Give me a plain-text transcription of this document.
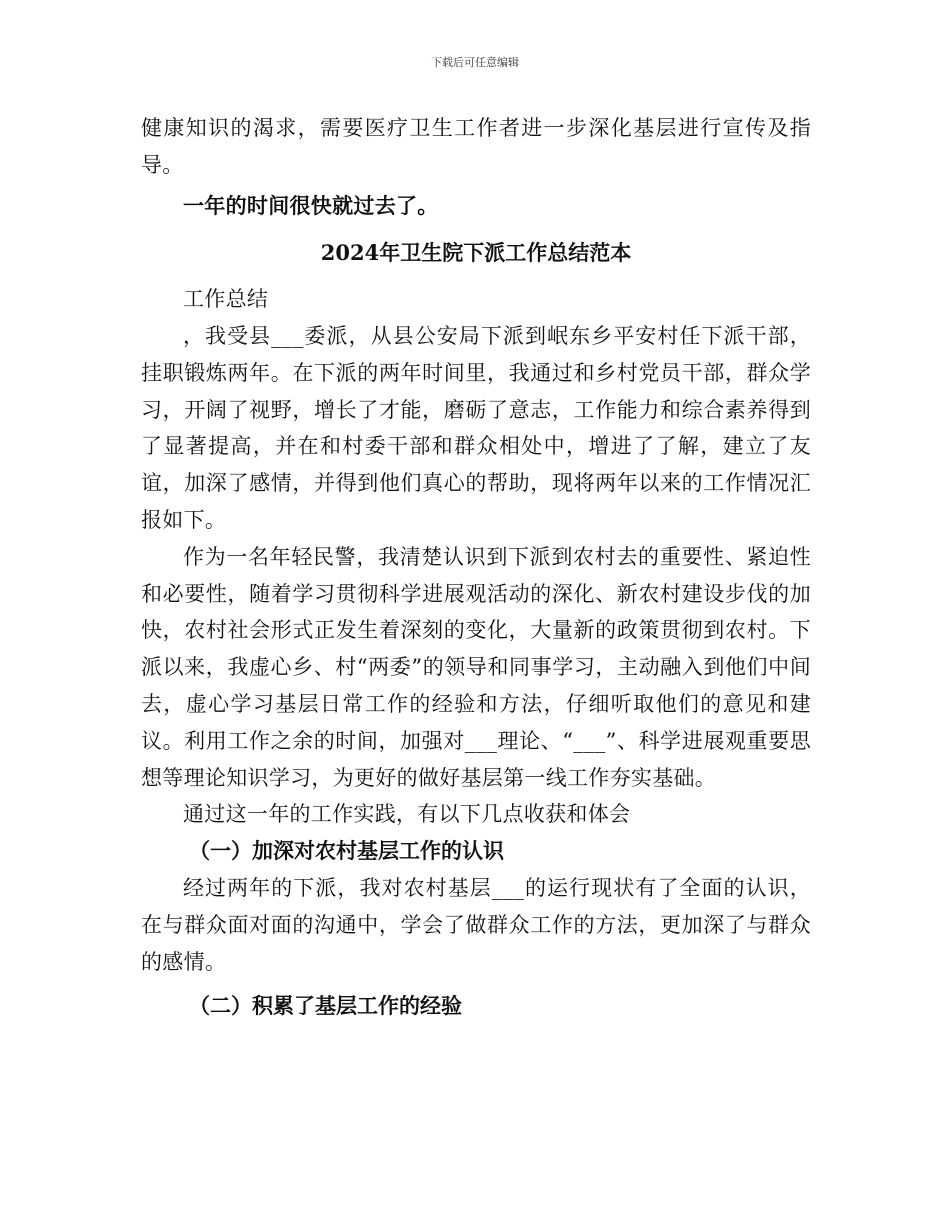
下载后可任意编辑

健康知识的渴求，需要医疗卫生工作者进一步深化基层进行宣传及指导。

一年的时间很快就过去了。

2024年卫生院下派工作总结范本

工作总结

，我受县___委派，从县公安局下派到岷东乡平安村任下派干部，挂职锻炼两年。在下派的两年时间里，我通过和乡村党员干部，群众学习，开阔了视野，增长了才能，磨砺了意志，工作能力和综合素养得到了显著提高，并在和村委干部和群众相处中，增进了了解，建立了友谊，加深了感情，并得到他们真心的帮助，现将两年以来的工作情况汇报如下。

作为一名年轻民警，我清楚认识到下派到农村去的重要性、紧迫性和必要性，随着学习贯彻科学进展观活动的深化、新农村建设步伐的加快，农村社会形式正发生着深刻的变化，大量新的政策贯彻到农村。下派以来，我虚心乡、村“两委”的领导和同事学习，主动融入到他们中间去，虚心学习基层日常工作的经验和方法，仔细听取他们的意见和建议。利用工作之余的时间，加强对___理论、“___”、科学进展观重要思想等理论知识学习，为更好的做好基层第一线工作夯实基础。

通过这一年的工作实践，有以下几点收获和体会

（一）加深对农村基层工作的认识

经过两年的下派，我对农村基层___的运行现状有了全面的认识，在与群众面对面的沟通中，学会了做群众工作的方法，更加深了与群众的感情。

（二）积累了基层工作的经验
